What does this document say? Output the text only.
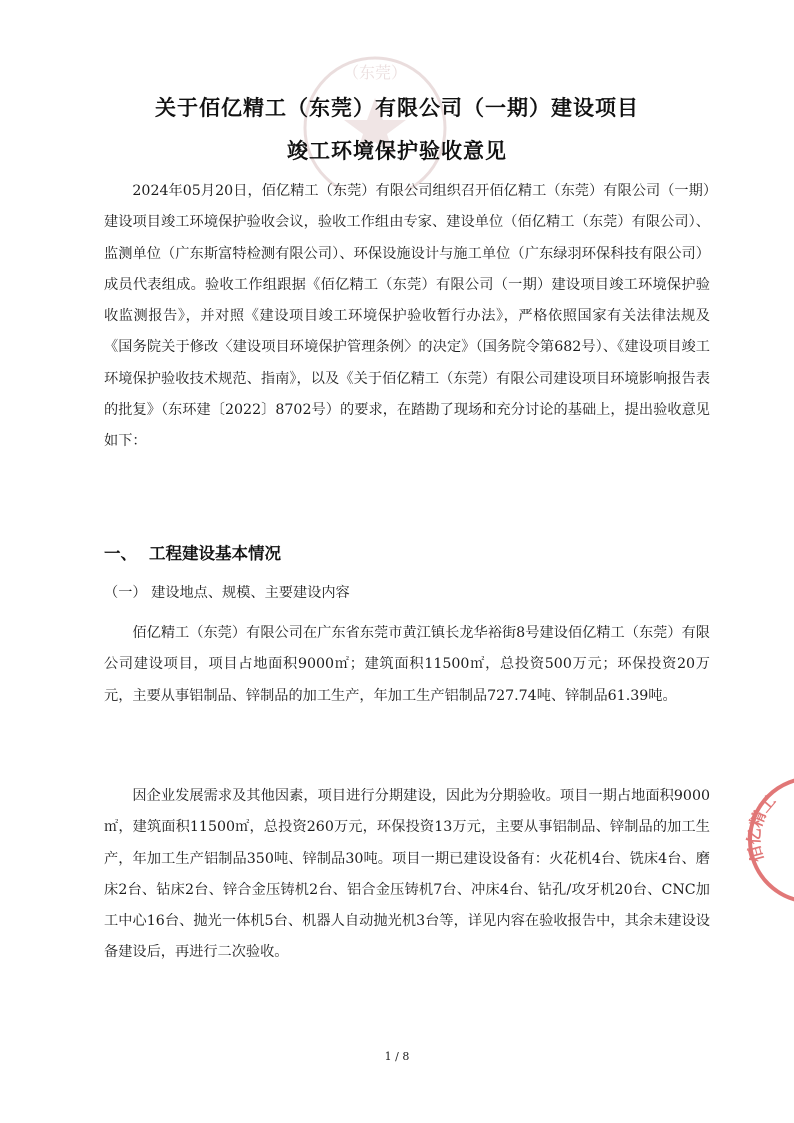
（东莞）
关于佰亿精工（东莞）有限公司（一期）建设项目
竣工环境保护验收意见

2024年05月20日，佰亿精工（东莞）有限公司组织召开佰亿精工（东莞）有限公司（一期）建设项目竣工环境保护验收会议，验收工作组由专家、建设单位（佰亿精工（东莞）有限公司）、监测单位（广东斯富特检测有限公司）、环保设施设计与施工单位（广东绿羽环保科技有限公司）成员代表组成。验收工作组跟据《佰亿精工（东莞）有限公司（一期）建设项目竣工环境保护验收监测报告》，并对照《建设项目竣工环境保护验收暂行办法》，严格依照国家有关法律法规及《国务院关于修改〈建设项目环境保护管理条例〉的决定》（国务院令第682号）、《建设项目竣工环境保护验收技术规范、指南》，以及《关于佰亿精工（东莞）有限公司建设项目环境影响报告表的批复》（东环建〔2022〕8702号）的要求，在踏勘了现场和充分讨论的基础上，提出验收意见如下：

一、 工程建设基本情况
（一） 建设地点、规模、主要建设内容

佰亿精工（东莞）有限公司在广东省东莞市黄江镇长龙华裕街8号建设佰亿精工（东莞）有限公司建设项目，项目占地面积9000㎡；建筑面积11500㎡，总投资500万元；环保投资20万元，主要从事铝制品、锌制品的加工生产，年加工生产铝制品727.74吨、锌制品61.39吨。

因企业发展需求及其他因素，项目进行分期建设，因此为分期验收。项目一期占地面积9000㎡，建筑面积11500㎡，总投资260万元，环保投资13万元，主要从事铝制品、锌制品的加工生产，年加工生产铝制品350吨、锌制品30吨。项目一期已建设设备有：火花机4台、铣床4台、磨床2台、钻床2台、锌合金压铸机2台、铝合金压铸机7台、冲床4台、钻孔/攻牙机20台、CNC加工中心16台、抛光一体机5台、机器人自动抛光机3台等，详见内容在验收报告中，其余未建设设备建设后，再进行二次验收。

佰亿精工
1 / 8
